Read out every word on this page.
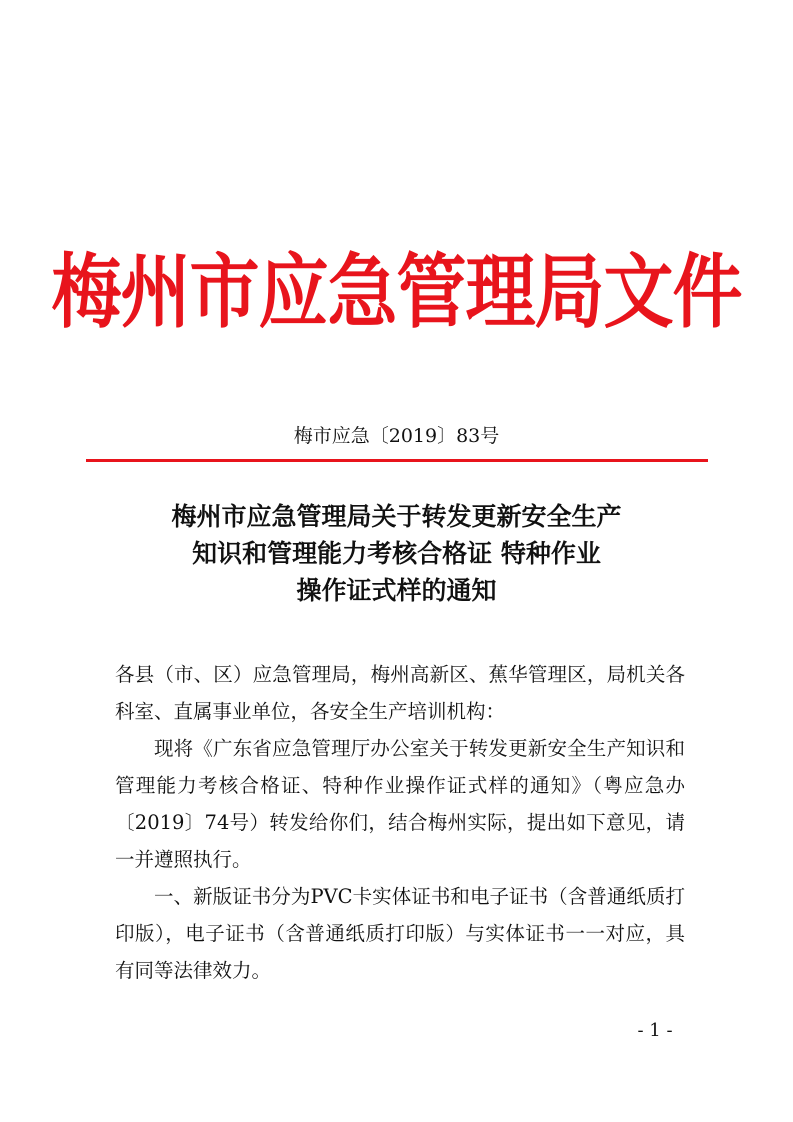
梅州市应急管理局文件
梅市应急〔2019〕83号
梅州市应急管理局关于转发更新安全生产
知识和管理能力考核合格证 特种作业
操作证式样的通知

各县（市、区）应急管理局，梅州高新区、蕉华管理区，局机关各科室、直属事业单位，各安全生产培训机构：

现将《广东省应急管理厅办公室关于转发更新安全生产知识和管理能力考核合格证、特种作业操作证式样的通知》（粤应急办〔2019〕74号）转发给你们，结合梅州实际，提出如下意见，请一并遵照执行。

一、新版证书分为PVC卡实体证书和电子证书（含普通纸质打印版），电子证书（含普通纸质打印版）与实体证书一一对应，具有同等法律效力。

- 1 -
